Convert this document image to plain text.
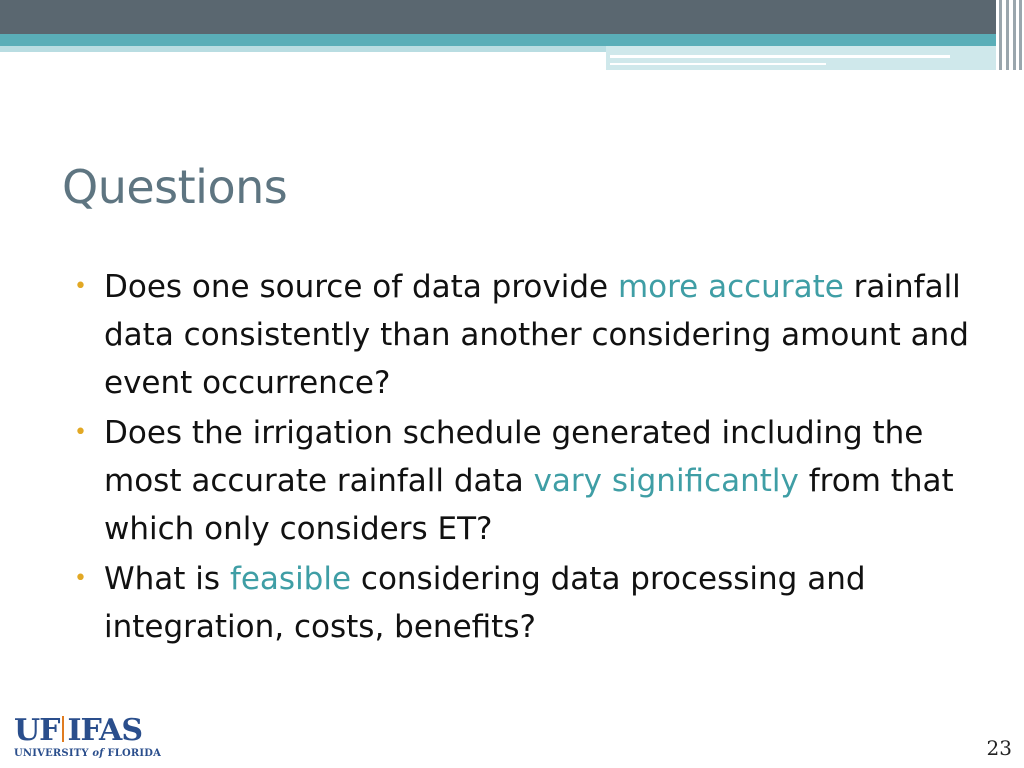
Questions
• Does one source of data provide more accurate rainfall data consistently than another considering amount and event occurrence?
• Does the irrigation schedule generated including the most accurate rainfall data vary significantly from that which only considers ET?
• What is feasible considering data processing and integration, costs, benefits?
UF IFAS
UNIVERSITY of FLORIDA	23
